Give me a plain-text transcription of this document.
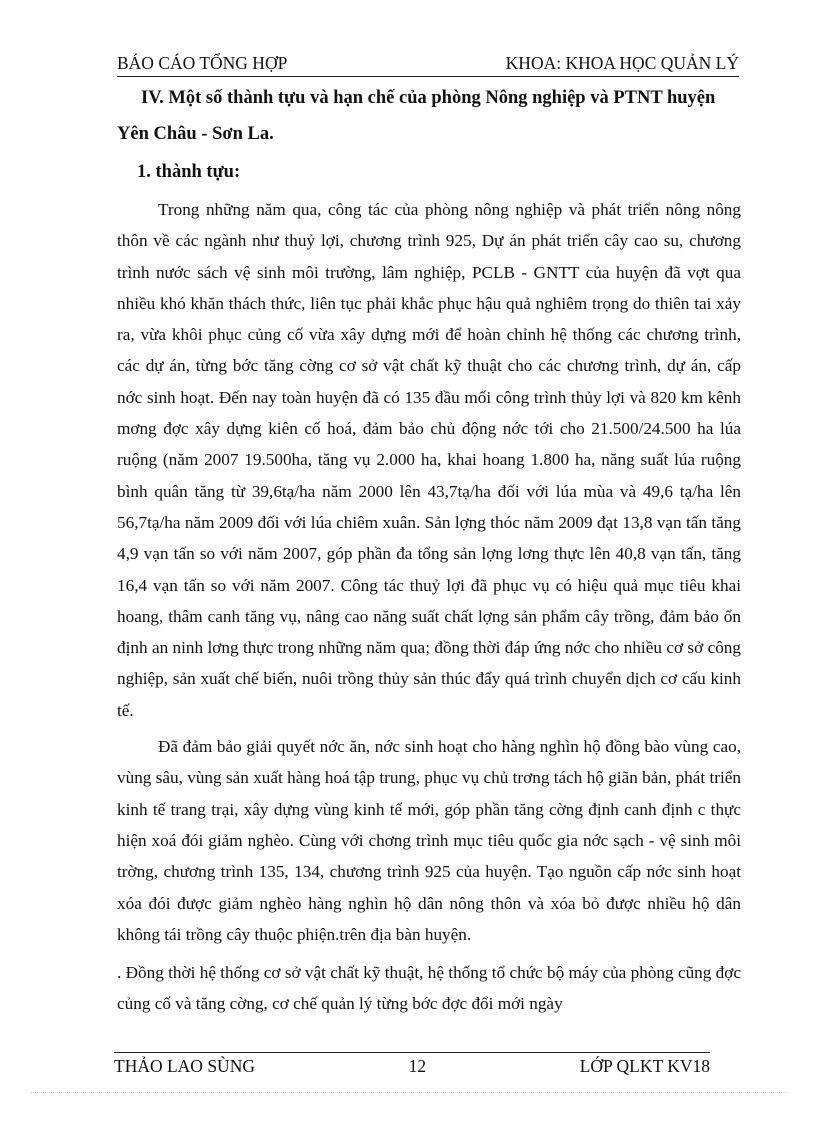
BÁO CÁO TỔNG HỢP	KHOA: KHOA HỌC QUẢN LÝ

IV. Một số thành tựu và hạn chế của phòng Nông nghiệp và PTNT huyện Yên Châu - Sơn La.

1. thành tựu:

Trong những năm qua, công tác của phòng nông nghiệp và phát triển nông nông thôn về các ngành như thuỷ lợi, chương trình 925, Dự án phát triển cây cao su, chương trình nước sách vệ sinh môi trường, lâm nghiệp, PCLB - GNTT của huyện đã vợt qua nhiều khó khăn thách thức, liên tục phải khắc phục hậu quả nghiêm trọng do thiên tai xảy ra, vừa khôi phục củng cố vừa xây dựng mới để hoàn chỉnh hệ thống các chương trình, các dự án, từng bớc tăng cờng cơ sở vật chất kỹ thuật cho các chương trình, dự án, cấp nớc sinh hoạt. Đến nay toàn huyện đã có 135 đầu mối công trình thủy lợi và 820 km kênh mơng đợc xây dựng kiên cố hoá, đảm bảo chủ động nớc tới cho 21.500/24.500 ha lúa ruộng (năm 2007 19.500ha, tăng vụ 2.000 ha, khai hoang 1.800 ha, năng suất lúa ruộng bình quân tăng từ 39,6tạ/ha năm 2000 lên 43,7tạ/ha đối với lúa mùa và 49,6 tạ/ha lên 56,7tạ/ha năm 2009 đối với lúa chiêm xuân. Sản lợng thóc năm 2009 đạt 13,8 vạn tấn tăng 4,9 vạn tấn so với năm 2007, góp phần đa tổng sản lợng lơng thực lên 40,8 vạn tấn, tăng 16,4 vạn tấn so với năm 2007. Công tác thuỷ lợi đã phục vụ có hiệu quả mục tiêu khai hoang, thâm canh tăng vụ, nâng cao năng suất chất lợng sản phẩm cây trồng, đảm bảo ổn định an ninh lơng thực trong những năm qua; đồng thời đáp ứng nớc cho nhiều cơ sở công nghiệp, sản xuất chế biến, nuôi trồng thủy sản thúc đẩy quá trình chuyển dịch cơ cấu kinh tế.

Đã đảm bảo giải quyết nớc ăn, nớc sinh hoạt cho hàng nghìn hộ đồng bào vùng cao, vùng sâu, vùng sản xuất hàng hoá tập trung, phục vụ chủ trơng tách hộ giãn bản, phát triển kinh tế trang trại, xây dựng vùng kinh tế mới, góp phần tăng cờng định canh định c thực hiện xoá đói giảm nghèo. Cùng với chơng trình mục tiêu quốc gia nớc sạch - vệ sinh môi trờng, chương trình 135, 134, chương trình 925 của huyện. Tạo nguồn cấp nớc sinh hoạt xóa đói được giảm nghèo hàng nghìn hộ dân nông thôn và xóa bỏ được nhiều hộ dân không tái trồng cây thuộc phiện.trên địa bàn huyện.

. Đồng thời hệ thống cơ sở vật chất kỹ thuật, hệ thống tổ chức bộ máy của phòng cũng đợc củng cố và tăng cờng, cơ chế quản lý từng bớc đợc đổi mới ngày

THẢO LAO SÙNG	12	LỚP QLKT KV18
